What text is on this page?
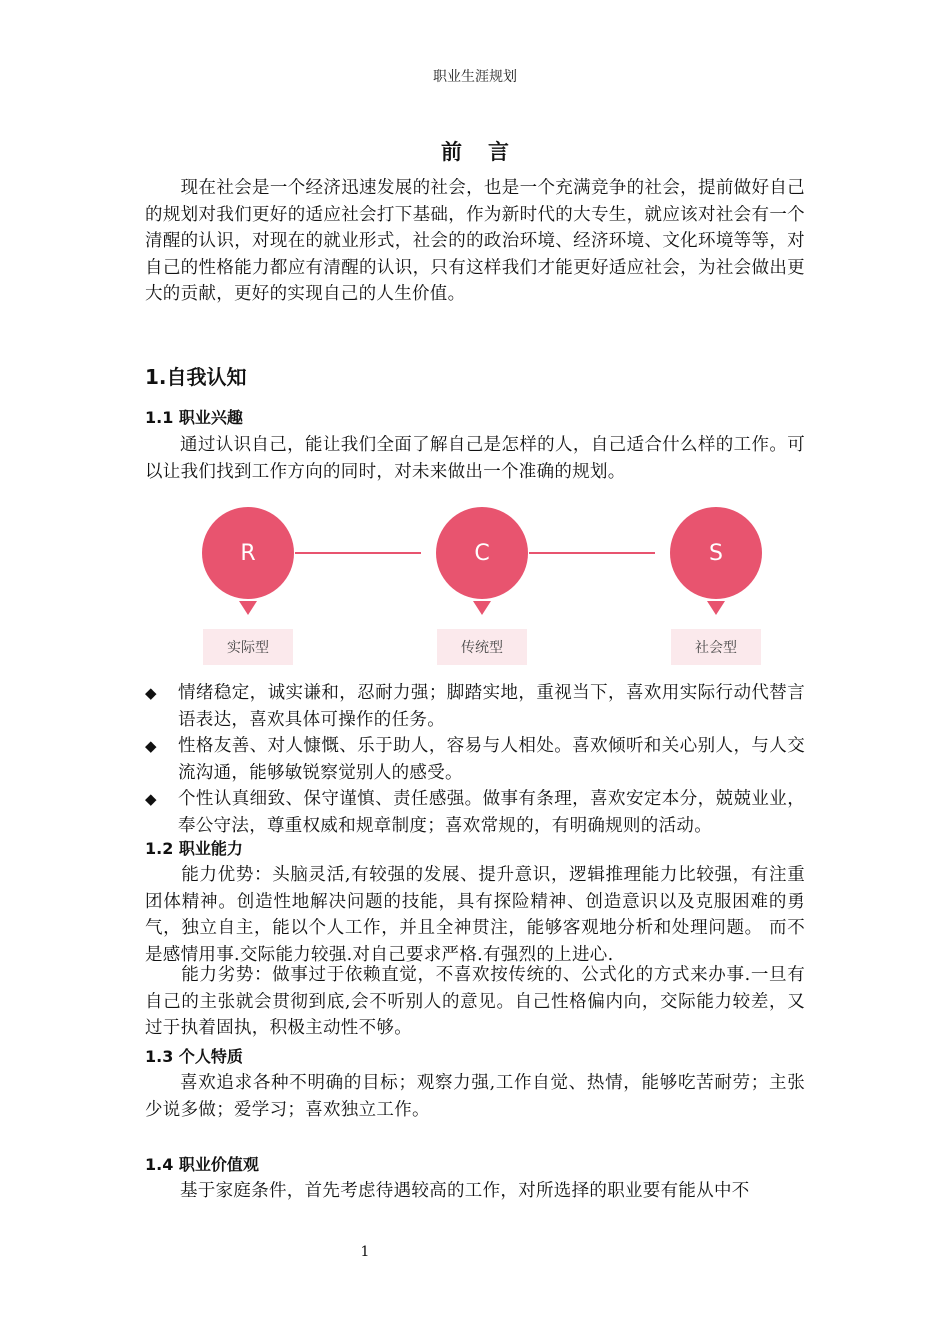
职业生涯规划
前言
　　现在社会是一个经济迅速发展的社会，也是一个充满竞争的社会，提前做好自己的规划对我们更好的适应社会打下基础，作为新时代的大专生，就应该对社会有一个清醒的认识，对现在的就业形式，社会的的政治环境、经济环境、文化环境等等，对自己的性格能力都应有清醒的认识，只有这样我们才能更好适应社会，为社会做出更大的贡献，更好的实现自己的人生价值。
1.自我认知
1.1 职业兴趣
通过认识自己，能让我们全面了解自己是怎样的人，自己适合什么样的工作。可以让我们找到工作方向的同时，对未来做出一个准确的规划。
R
实际型
C
传统型
S
社会型
◆ 情绪稳定，诚实谦和，忍耐力强；脚踏实地，重视当下，喜欢用实际行动代替言语表达，喜欢具体可操作的任务。
◆ 性格友善、对人慷慨、乐于助人，容易与人相处。喜欢倾听和关心别人，与人交流沟通，能够敏锐察觉别人的感受。
◆ 个性认真细致、保守谨慎、责任感强。做事有条理，喜欢安定本分，兢兢业业，奉公守法，尊重权威和规章制度；喜欢常规的，有明确规则的活动。
1.2 职业能力
　　能力优势：头脑灵活,有较强的发展、提升意识，逻辑推理能力比较强，有注重团体精神。创造性地解决问题的技能，具有探险精神、创造意识以及克服困难的勇气，独立自主，能以个人工作，并且全神贯注，能够客观地分析和处理问题。 而不是感情用事.交际能力较强.对自己要求严格.有强烈的上进心.
　　能力劣势：做事过于依赖直觉，不喜欢按传统的、公式化的方式来办事.一旦有自己的主张就会贯彻到底,会不听别人的意见。自己性格偏内向，交际能力较差，又过于执着固执，积极主动性不够。
1.3 个人特质
喜欢追求各种不明确的目标；观察力强,工作自觉、热情，能够吃苦耐劳；主张少说多做；爱学习；喜欢独立工作。
1.4 职业价值观
基于家庭条件，首先考虑待遇较高的工作，对所选择的职业要有能从中不
1
